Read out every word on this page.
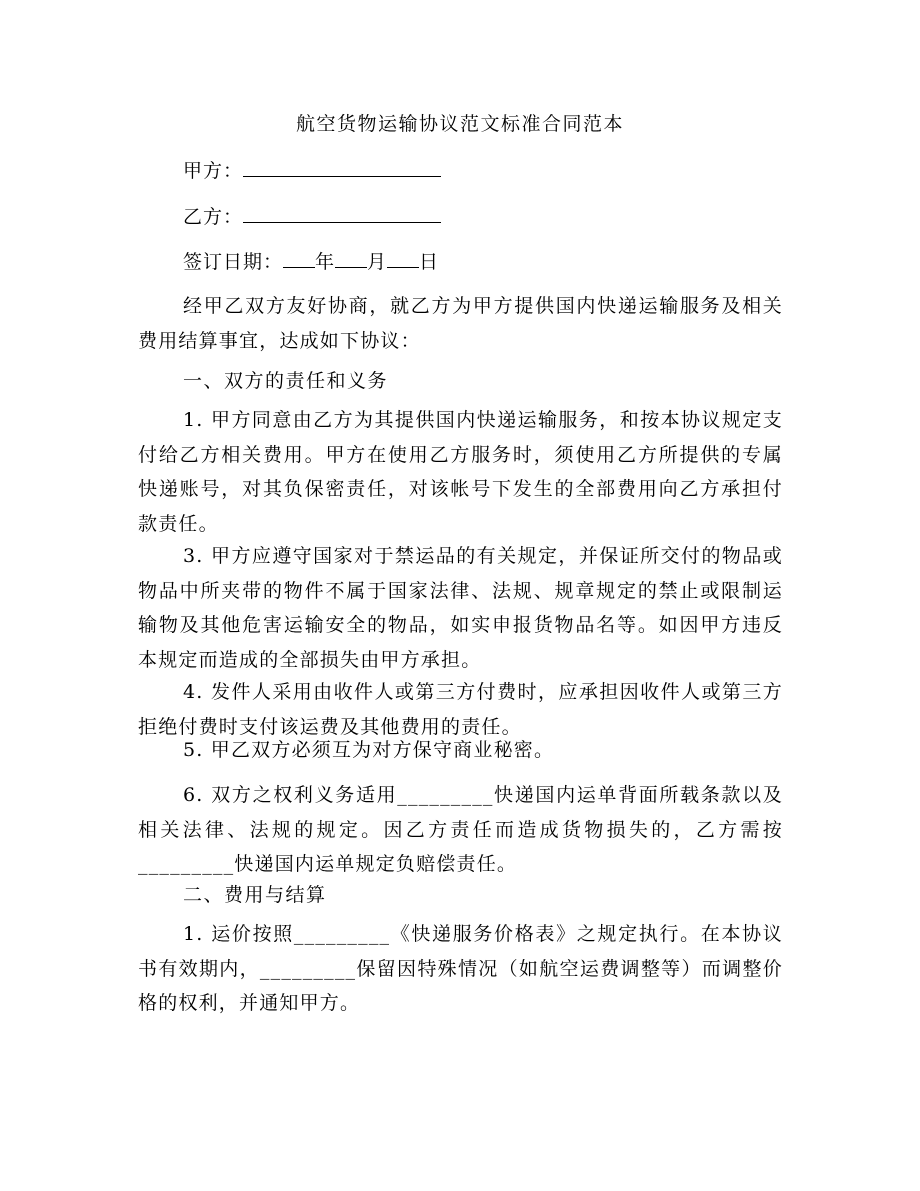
航空货物运输协议范文标准合同范本
甲方：
乙方：
签订日期： 年 月 日

经甲乙双方友好协商，就乙方为甲方提供国内快递运输服务及相关费用结算事宜，达成如下协议：

一、双方的责任和义务

1. 甲方同意由乙方为其提供国内快递运输服务，和按本协议规定支付给乙方相关费用。甲方在使用乙方服务时，须使用乙方所提供的专属快递账号，对其负保密责任，对该帐号下发生的全部费用向乙方承担付款责任。

3. 甲方应遵守国家对于禁运品的有关规定，并保证所交付的物品或物品中所夹带的物件不属于国家法律、法规、规章规定的禁止或限制运输物及其他危害运输安全的物品，如实申报货物品名等。如因甲方违反本规定而造成的全部损失由甲方承担。

4. 发件人采用由收件人或第三方付费时，应承担因收件人或第三方拒绝付费时支付该运费及其他费用的责任。

5. 甲乙双方必须互为对方保守商业秘密。

6. 双方之权利义务适用_________快递国内运单背面所载条款以及相关法律、法规的规定。因乙方责任而造成货物损失的，乙方需按_________快递国内运单规定负赔偿责任。

二、费用与结算

1. 运价按照_________《快递服务价格表》之规定执行。在本协议书有效期内，_________保留因特殊情况（如航空运费调整等）而调整价格的权利，并通知甲方。
